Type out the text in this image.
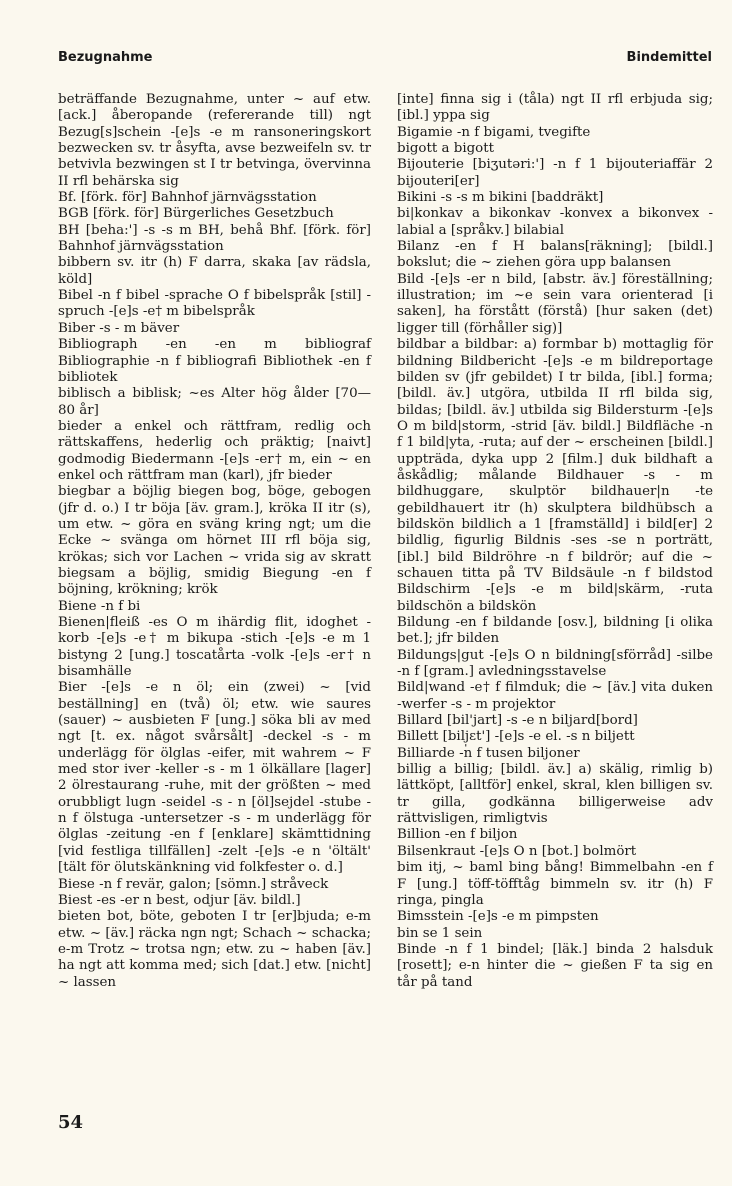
Bezugnahme	Bindemittel

beträffande Bezugnahme, unter ~ auf etw. [ack.] åberopande (refererande till) ngt Bezug[s]schein -[e]s -e m ransoneringskort bezwecken sv. tr åsyfta, avse bezweifeln sv. tr betvivla bezwingen st I tr betvinga, övervinna II rfl behärska sig

Bf. [förk. för] Bahnhof järnvägsstation

BGB [förk. för] Bürgerliches Gesetzbuch

BH [beha:'] -s -s m BH, behå Bhf. [förk. för] Bahnhof järnvägsstation

bibbern sv. itr (h) F darra, skaka [av rädsla, köld]

Bibel -n f bibel -sprache O f bibelspråk [stil] -spruch -[e]s -e† m bibelspråk

Biber -s - m bäver

Bibliograph -en -en m bibliograf Bibliographie -n f bibliografi Bibliothek -en f bibliotek

biblisch a biblisk; ~es Alter hög ålder [70—80 år]

bieder a enkel och rättfram, redlig och rättskaffens, hederlig och präktig; [naivt] godmodig Biedermann -[e]s -er† m, ein ~ en enkel och rättfram man (karl), jfr bieder

biegbar a böjlig biegen bog, böge, gebogen (jfr d. o.) I tr böja [äv. gram.], kröka II itr (s), um etw. ~ göra en sväng kring ngt; um die Ecke ~ svänga om hörnet III rfl böja sig, krökas; sich vor Lachen ~ vrida sig av skratt biegsam a böjlig, smidig Biegung -en f böjning, krökning; krök

Biene -n f bi

Bienen|fleiß -es O m ihärdig flit, idoghet -korb -[e]s -e† m bikupa -stich -[e]s -e m 1 bistyng 2 [ung.] toscatårta -volk -[e]s -er† n bisamhälle

Bier -[e]s -e n öl; ein (zwei) ~ [vid beställning] en (två) öl; etw. wie saures (sauer) ~ ausbieten F [ung.] söka bli av med ngt [t. ex. något svårsålt] -deckel -s - m underlägg för ölglas -eifer, mit wahrem ~ F med stor iver -keller -s - m 1 ölkällare [lager] 2 ölrestaurang -ruhe, mit der größten ~ med orubbligt lugn -seidel -s - n [öl]sejdel -stube -n f ölstuga -untersetzer -s - m underlägg för ölglas -zeitung -en f [enklare] skämttidning [vid festliga tillfällen] -zelt -[e]s -e n 'öltält' [tält för ölutskänkning vid folkfester o. d.]

Biese -n f revär, galon; [sömn.] stråveck

Biest -es -er n best, odjur [äv. bildl.]

bieten bot, böte, geboten I tr [er]bjuda; e-m etw. ~ [äv.] räcka ngn ngt; Schach ~ schacka; e-m Trotz ~ trotsa ngn; etw. zu ~ haben [äv.] ha ngt att komma med; sich [dat.] etw. [nicht] ~ lassen

[inte] finna sig i (tåla) ngt II rfl erbjuda sig; [ibl.] yppa sig

Bigamie -n f bigami, tvegifte

bigott a bigott

Bijouterie [biʒutəri:'] -n f 1 bijouteriaffär 2 bijouteri[er]

Bikini -s -s m bikini [baddräkt]

bi|konkav a bikonkav -konvex a bikonvex -labial a [språkv.] bilabial

Bilanz -en f H balans[räkning]; [bildl.] bokslut; die ~ ziehen göra upp balansen

Bild -[e]s -er n bild, [abstr. äv.] föreställning; illustration; im ~e sein vara orienterad [i saken], ha förstått (förstå) [hur saken (det) ligger till (förhåller sig)]

bildbar a bildbar: a) formbar b) mottaglig för bildning Bildbericht -[e]s -e m bildreportage bilden sv (jfr gebildet) I tr bilda, [ibl.] forma; [bildl. äv.] utgöra, utbilda II rfl bilda sig, bildas; [bildl. äv.] utbilda sig Bildersturm -[e]s O m bild|storm, -strid [äv. bildl.] Bildfläche -n f 1 bild|yta, -ruta; auf der ~ erscheinen [bildl.] uppträda, dyka upp 2 [film.] duk bildhaft a åskådlig; målande Bildhauer -s - m bildhuggare, skulptör bildhauer|n -te gebildhauert itr (h) skulptera bildhübsch a bildskön bildlich a 1 [framställd] i bild[er] 2 bildlig, figurlig Bildnis -ses -se n porträtt, [ibl.] bild Bildröhre -n f bildrör; auf die ~ schauen titta på TV Bildsäule -n f bildstod Bildschirm -[e]s -e m bild|skärm, -ruta bildschön a bildskön

Bildung -en f bildande [osv.], bildning [i olika bet.]; jfr bilden

Bildungs|gut -[e]s O n bildning[sförråd] -silbe -n f [gram.] avledningsstavelse

Bild|wand -e† f filmduk; die ~ [äv.] vita duken -werfer -s - m projektor

Billard [bil'jart] -s -e n biljard[bord]

Billett [bilj̩ɛt'] -[e]s -e el. -s n biljett

Billiarde -n f tusen biljoner

billig a billig; [bildl. äv.] a) skälig, rimlig b) lättköpt, [alltför] enkel, skral, klen billigen sv. tr gilla, godkänna billigerweise adv rättvisligen, rimligtvis

Billion -en f biljon

Bilsenkraut -[e]s O n [bot.] bolmört

bim itj, ~ baml bing bång! Bimmelbahn -en f F [ung.] töff-töfftåg bimmeln sv. itr (h) F ringa, pingla

Bimsstein -[e]s -e m pimpsten

bin se 1 sein

Binde -n f 1 bindel; [läk.] binda 2 halsduk [rosett]; e-n hinter die ~ gießen F ta sig en tår på tand

54
